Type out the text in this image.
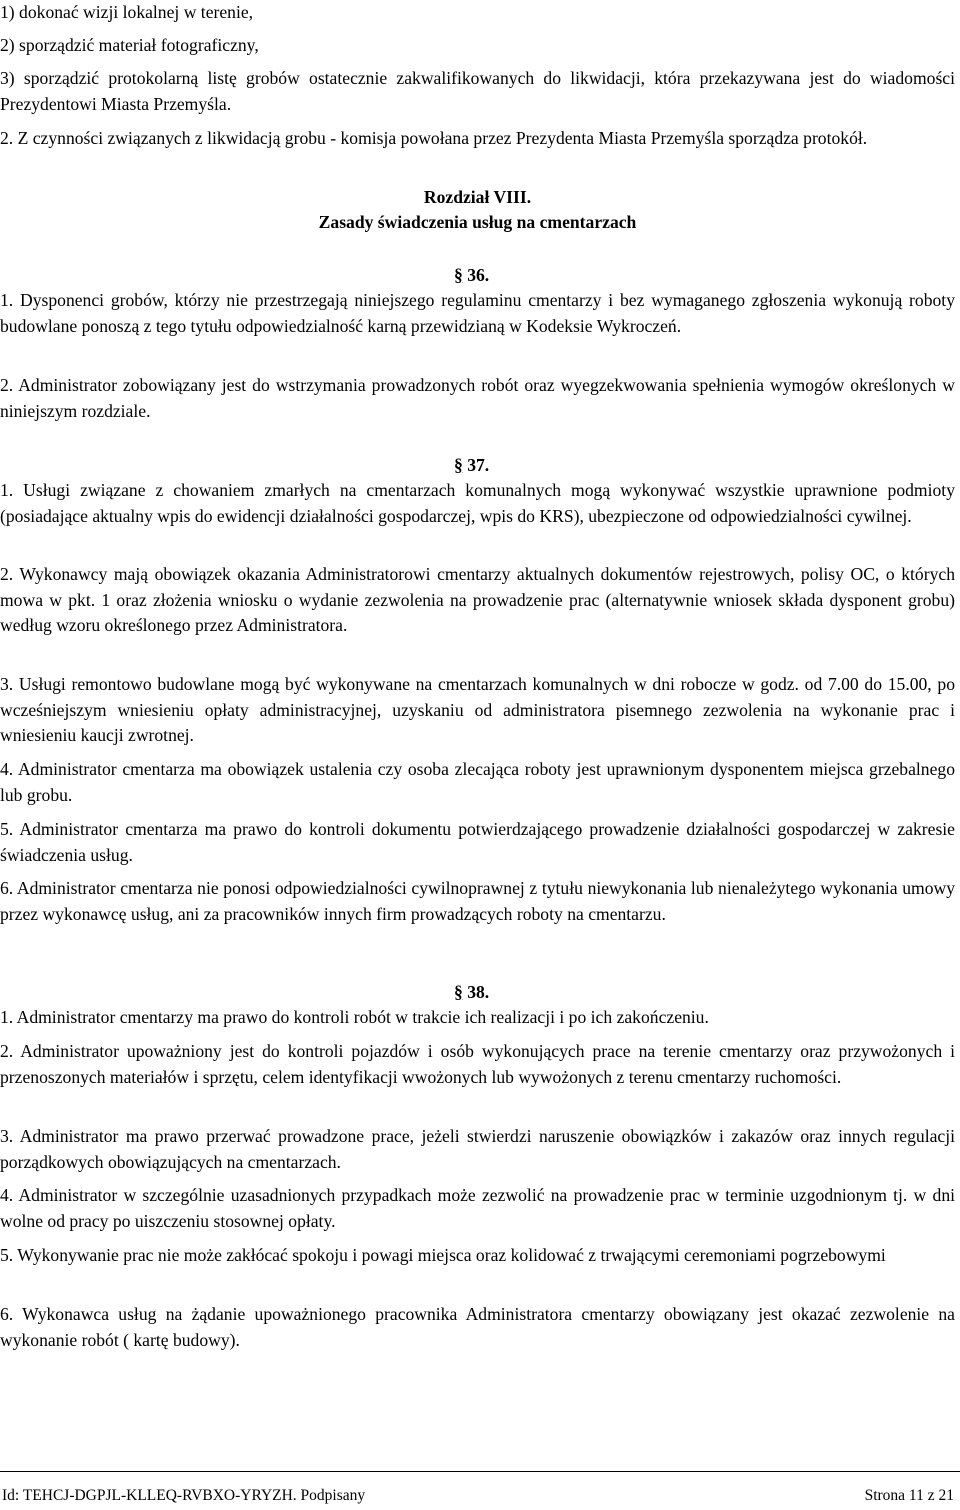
1) dokonać wizji lokalnej w terenie,

2) sporządzić materiał fotograficzny,

3) sporządzić protokolarną listę grobów ostatecznie zakwalifikowanych do likwidacji, która przekazywana jest do wiadomości Prezydentowi Miasta Przemyśla.

2. Z czynności związanych z likwidacją grobu - komisja powołana przez Prezydenta Miasta Przemyśla sporządza protokół.

Rozdział VIII.

Zasady świadczenia usług na cmentarzach

§ 36.

1. Dysponenci grobów, którzy nie przestrzegają niniejszego regulaminu cmentarzy i bez wymaganego zgłoszenia wykonują roboty budowlane ponoszą z tego tytułu odpowiedzialność karną przewidzianą w Kodeksie Wykroczeń.

2. Administrator zobowiązany jest do wstrzymania prowadzonych robót oraz wyegzekwowania spełnienia wymogów określonych w niniejszym rozdziale.

§ 37.

1. Usługi związane z chowaniem zmarłych na cmentarzach komunalnych mogą wykonywać wszystkie uprawnione podmioty (posiadające aktualny wpis do ewidencji działalności gospodarczej, wpis do KRS), ubezpieczone od odpowiedzialności cywilnej.

2. Wykonawcy mają obowiązek okazania Administratorowi cmentarzy aktualnych dokumentów rejestrowych, polisy OC, o których mowa w pkt. 1 oraz złożenia wniosku o wydanie zezwolenia na prowadzenie prac (alternatywnie wniosek składa dysponent grobu) według wzoru określonego przez Administratora.

3. Usługi remontowo budowlane mogą być wykonywane na cmentarzach komunalnych w dni robocze w godz. od 7.00 do 15.00, po wcześniejszym wniesieniu opłaty administracyjnej, uzyskaniu od administratora pisemnego zezwolenia na wykonanie prac i wniesieniu kaucji zwrotnej.

4. Administrator cmentarza ma obowiązek ustalenia czy osoba zlecająca roboty jest uprawnionym dysponentem miejsca grzebalnego lub grobu.

5. Administrator cmentarza ma prawo do kontroli dokumentu potwierdzającego prowadzenie działalności gospodarczej w zakresie świadczenia usług.

6. Administrator cmentarza nie ponosi odpowiedzialności cywilnoprawnej z tytułu niewykonania lub nienależytego wykonania umowy przez wykonawcę usług, ani za pracowników innych firm prowadzących roboty na cmentarzu.

§ 38.

1. Administrator cmentarzy ma prawo do kontroli robót w trakcie ich realizacji i po ich zakończeniu.

2. Administrator upoważniony jest do kontroli pojazdów i osób wykonujących prace na terenie cmentarzy oraz przywożonych i przenoszonych materiałów i sprzętu, celem identyfikacji wwożonych lub wywożonych z terenu cmentarzy ruchomości.

3. Administrator ma prawo przerwać prowadzone prace, jeżeli stwierdzi naruszenie obowiązków i zakazów oraz innych regulacji porządkowych obowiązujących na cmentarzach.

4. Administrator w szczególnie uzasadnionych przypadkach może zezwolić na prowadzenie prac w terminie uzgodnionym tj. w dni wolne od pracy po uiszczeniu stosownej opłaty.

5. Wykonywanie prac nie może zakłócać spokoju i powagi miejsca oraz kolidować z trwającymi ceremoniami pogrzebowymi

6. Wykonawca usług na żądanie upoważnionego pracownika Administratora cmentarzy obowiązany jest okazać zezwolenie na wykonanie robót ( kartę budowy).

Id: TEHCJ-DGPJL-KLLEQ-RVBXO-YRYZH. Podpisany	Strona 11 z 21
